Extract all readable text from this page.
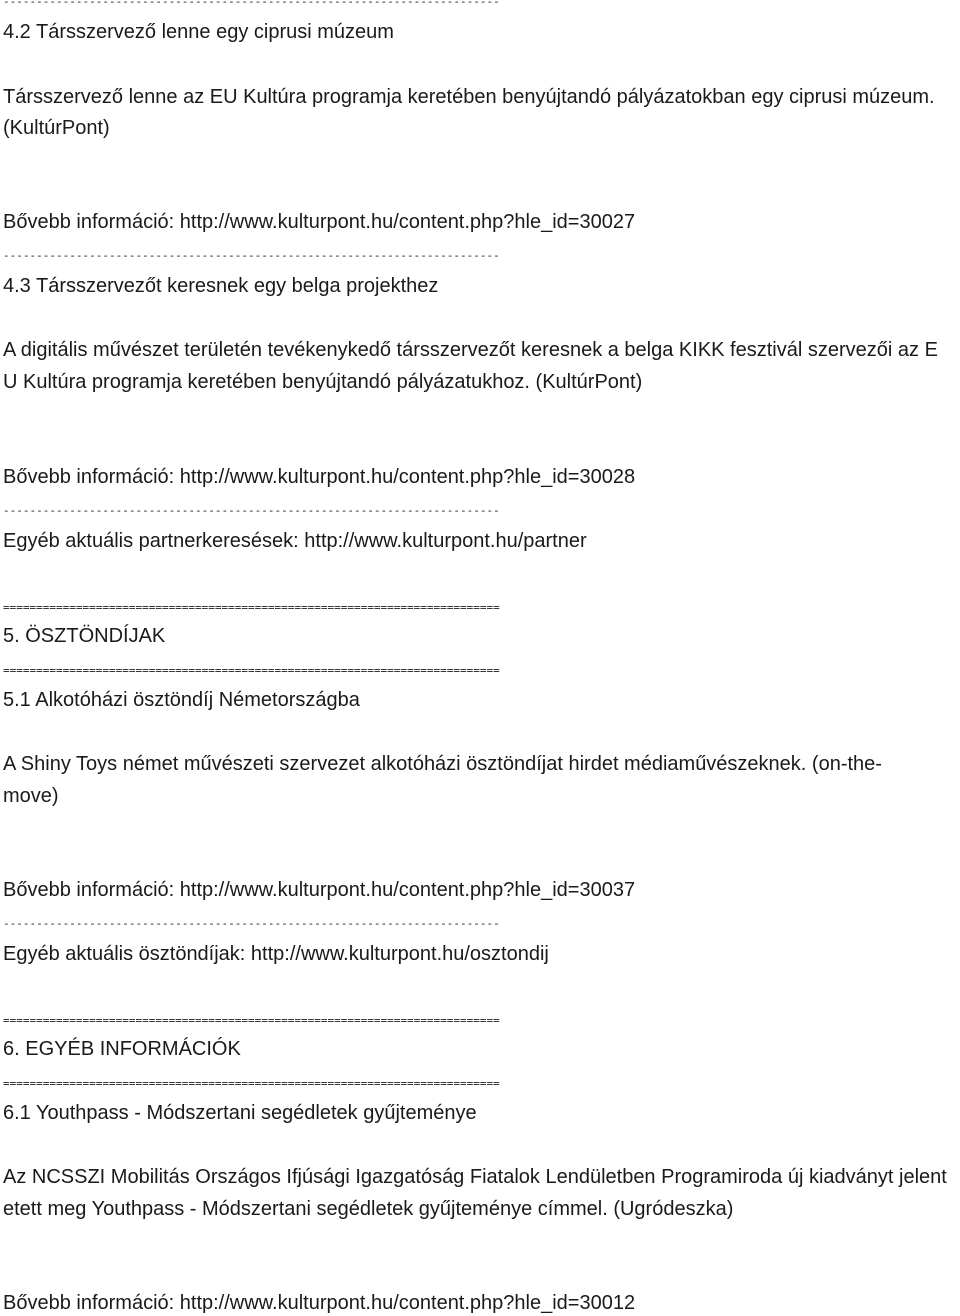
---------------------------------------------------------------------------
4.2 Társszervező lenne egy ciprusi múzeum
Társszervező lenne az EU Kultúra programja keretében benyújtandó pályázatokban egy ciprusi múzeum.
(KultúrPont)
Bővebb információ: http://www.kulturpont.hu/content.php?hle_id=30027
---------------------------------------------------------------------------
4.3 Társszervezőt keresnek egy belga projekthez
A digitális művészet területén tevékenykedő társszervezőt keresnek a belga KIKK fesztivál szervezői az E
U Kultúra programja keretében benyújtandó pályázatukhoz. (KultúrPont)
Bővebb információ: http://www.kulturpont.hu/content.php?hle_id=30028
---------------------------------------------------------------------------
Egyéb aktuális partnerkeresések: http://www.kulturpont.hu/partner
===========================================================================
5. ÖSZTÖNDÍJAK
===========================================================================
5.1 Alkotóházi ösztöndíj Németországba
A Shiny Toys német művészeti szervezet alkotóházi ösztöndíjat hirdet médiaművészeknek. (on-the-
move)
Bővebb információ: http://www.kulturpont.hu/content.php?hle_id=30037
---------------------------------------------------------------------------
Egyéb aktuális ösztöndíjak: http://www.kulturpont.hu/osztondij
===========================================================================
6. EGYÉB INFORMÁCIÓK
===========================================================================
6.1 Youthpass - Módszertani segédletek gyűjteménye
Az NCSSZI Mobilitás Országos Ifjúsági Igazgatóság Fiatalok Lendületben Programiroda új kiadványt jelent
etett meg Youthpass - Módszertani segédletek gyűjteménye címmel. (Ugródeszka)
Bővebb információ: http://www.kulturpont.hu/content.php?hle_id=30012
